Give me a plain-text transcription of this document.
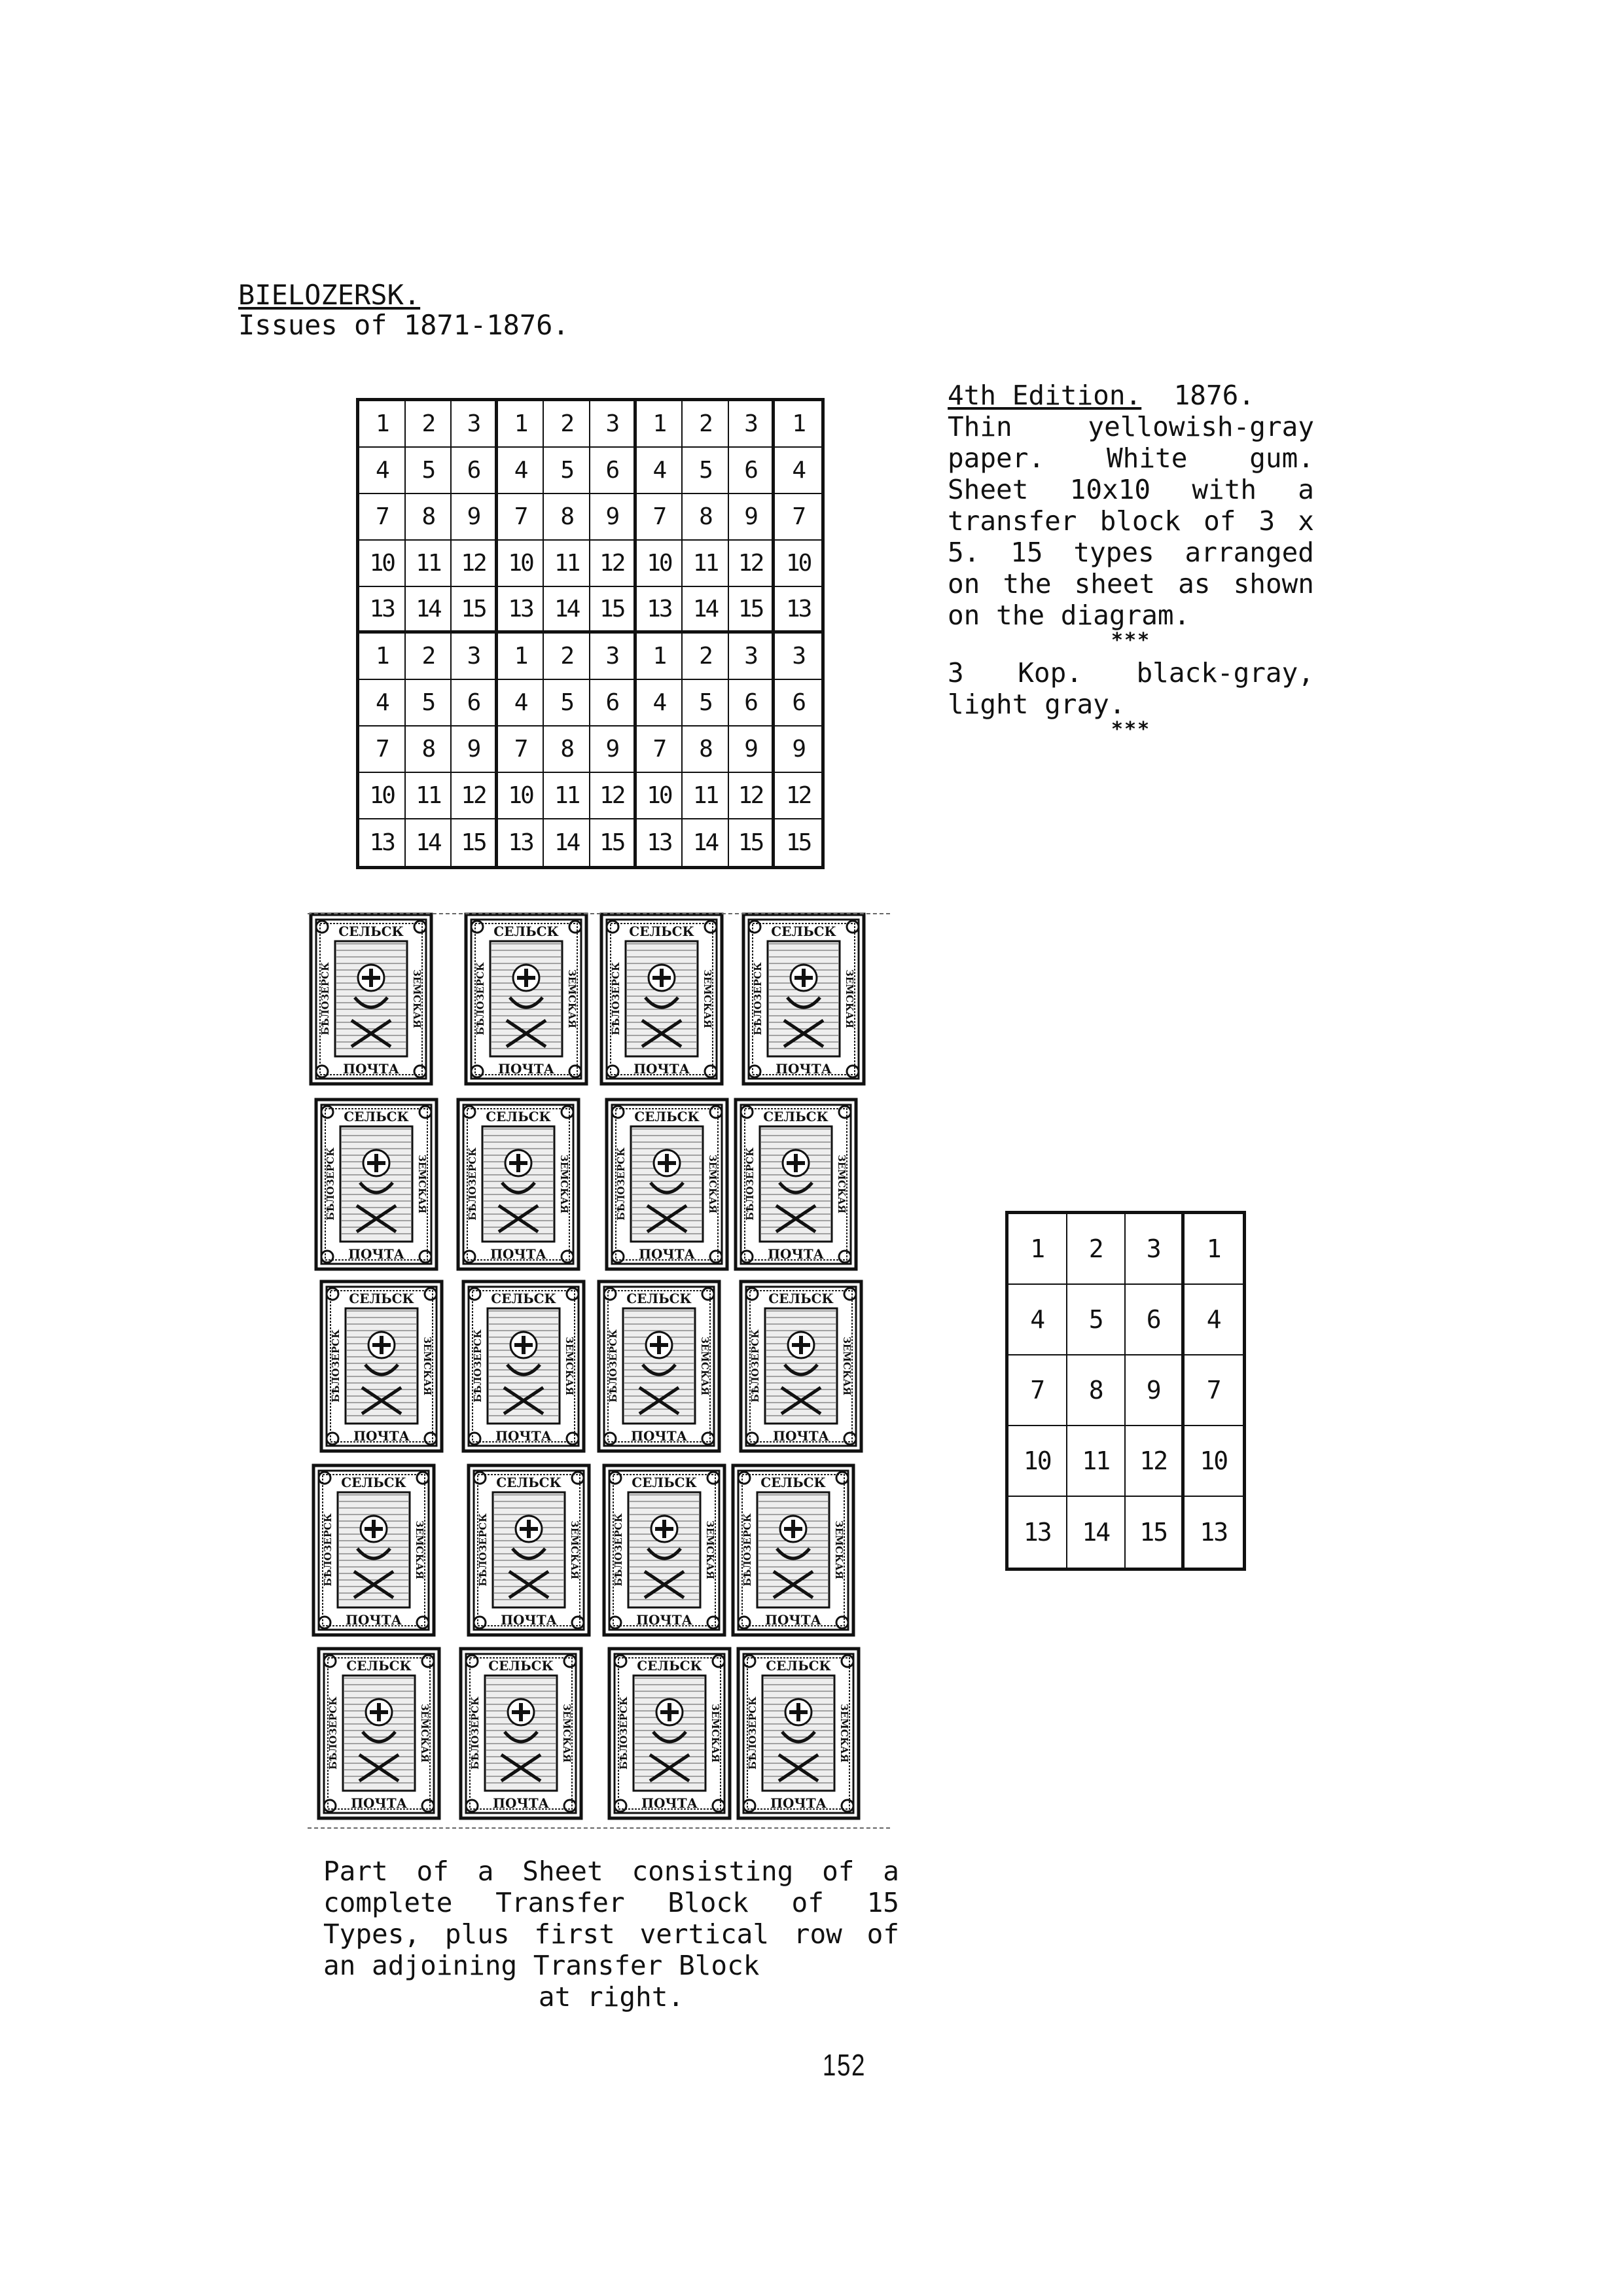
BIELOZERSK.
Issues of 1871-1876.
1	2	3	1	2	3	1	2	3	1
4	5	6	4	5	6	4	5	6	4
7	8	9	7	8	9	7	8	9	7
10 11 12 10 11 12 10 11 12 10
13 14 15 13 14 15 13 14 15 13
1	2	3	1	2	3	1	2	3	3
4	5	6	4	5	6	4	5	6	6
7	8	9	7	8	9	7	8	9	9
10 11 12 10 11 12 10 11 12 12
13 14 15 13 14 15 13 14 15 15

4th Edition. 1876.

Thin yellowish-gray paper. White gum. Sheet 10x10 with a transfer block of 3 x 5. 15 types arranged on the sheet as shown on the diagram.

***

3 Kop. black-gray, light gray.

***
СЕЛЬСК
ПОЧТА
БѢЛОЗЕРСК	ЗЕМСКАЯ
СЕЛЬСК
ПОЧТА
БѢЛОЗЕРСК	ЗЕМСКАЯ
СЕЛЬСК
ПОЧТА
БѢЛОЗЕРСК	ЗЕМСКАЯ
СЕЛЬСК
ПОЧТА
БѢЛОЗЕРСК	ЗЕМСКАЯ
СЕЛЬСК
ПОЧТА
БѢЛОЗЕРСК	ЗЕМСКАЯ
СЕЛЬСК
ПОЧТА
БѢЛОЗЕРСК	ЗЕМСКАЯ
СЕЛЬСК
ПОЧТА
БѢЛОЗЕРСК	ЗЕМСКАЯ
СЕЛЬСК
ПОЧТА
БѢЛОЗЕРСК	ЗЕМСКАЯ
СЕЛЬСК
ПОЧТА
БѢЛОЗЕРСК	ЗЕМСКАЯ
СЕЛЬСК
ПОЧТА
БѢЛОЗЕРСК	ЗЕМСКАЯ
СЕЛЬСК
ПОЧТА
БѢЛОЗЕРСК	ЗЕМСКАЯ
СЕЛЬСК
ПОЧТА
БѢЛОЗЕРСК	ЗЕМСКАЯ
СЕЛЬСК
ПОЧТА
БѢЛОЗЕРСК	ЗЕМСКАЯ
СЕЛЬСК
ПОЧТА
БѢЛОЗЕРСК	ЗЕМСКАЯ
СЕЛЬСК
ПОЧТА
БѢЛОЗЕРСК	ЗЕМСКАЯ
СЕЛЬСК
ПОЧТА
БѢЛОЗЕРСК	ЗЕМСКАЯ
СЕЛЬСК
ПОЧТА
БѢЛОЗЕРСК	ЗЕМСКАЯ
СЕЛЬСК
ПОЧТА
БѢЛОЗЕРСК	ЗЕМСКАЯ
СЕЛЬСК
ПОЧТА
БѢЛОЗЕРСК	ЗЕМСКАЯ
СЕЛЬСК
ПОЧТА
БѢЛОЗЕРСК	ЗЕМСКАЯ
1	2	3	1
4	5	6	4
7	8	9	7
10	11	12	10
13	14	15	13
Part of a Sheet consisting of a complete Transfer Block of 15 Types, plus first vertical row of an adjoining Transfer Block
at right.
152
